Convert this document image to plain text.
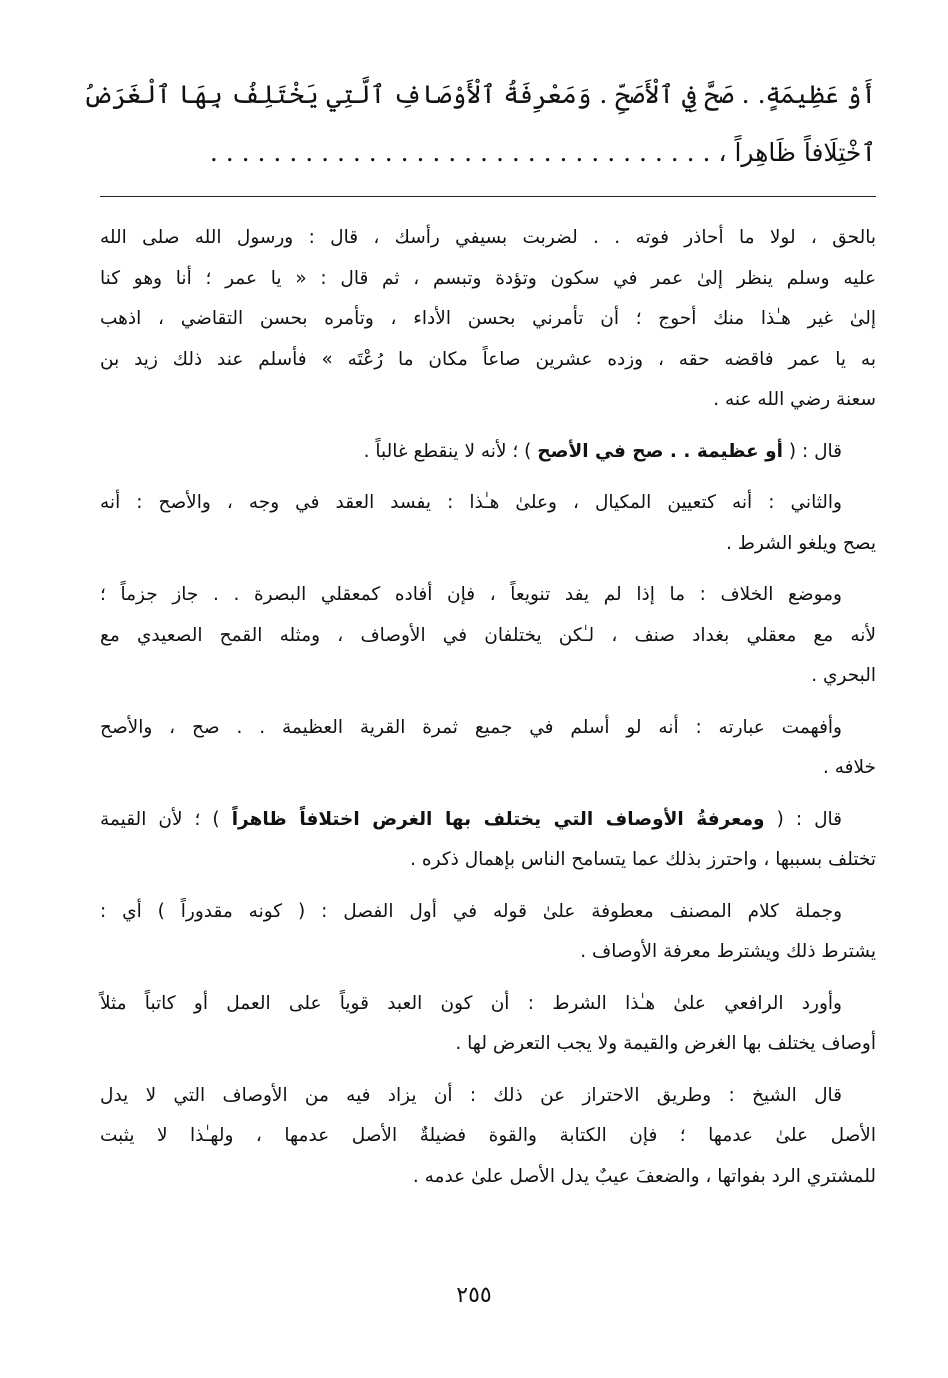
أَوْ عَظِيمَةٍ. . صَحَّ فِي ٱلْأَصَحِّ . وَمَعْرِفَةُ ٱلْأَوْصَافِ ٱلَّتِي يَخْتَلِفُ بِهَا ٱلْغَرَضُ
ٱخْتِلَافاً ظَاهِراً ، . . . . . . . . . . . . . . . . . . . . . . . . . . . . . . . .
بالحق ، لولا ما أحاذر فوته . . لضربت بسيفي رأسك ، قال : ورسول الله صلى الله
عليه وسلم ينظر إلىٰ عمر في سكون وتؤدة وتبسم ، ثم قال : « يا عمر ؛ أنا وهو كنا
إلىٰ غير هـٰذا منك أحوج ؛ أن تأمرني بحسن الأداء ، وتأمره بحسن التقاضي ، اذهب
به يا عمر فاقضه حقه ، وزده عشرين صاعاً مكان ما رُعْتَه » فأسلم عند ذلك زيد بن
سعنة رضي الله عنه .
قال : ( أو عظيمة . . صح في الأصح ) ؛ لأنه لا ينقطع غالباً .
والثاني : أنه كتعيين المكيال ، وعلىٰ هـٰذا : يفسد العقد في وجه ، والأصح : أنه
يصح ويلغو الشرط .
وموضع الخلاف : ما إذا لم يفد تنويعاً ، فإن أفاده كمعقلي البصرة . . جاز جزماً ؛
لأنه مع معقلي بغداد صنف ، لـٰكن يختلفان في الأوصاف ، ومثله القمح الصعيدي مع
البحري .
وأفهمت عبارته : أنه لو أسلم في جميع ثمرة القرية العظيمة . . صح ، والأصح
خلافه .
قال : ( ومعرفةُ الأوصاف التي يختلف بها الغرض اختلافاً ظاهراً ) ؛ لأن القيمة
تختلف بسببها ، واحترز بذلك عما يتسامح الناس بإهمال ذكره .
وجملة كلام المصنف معطوفة علىٰ قوله في أول الفصل : ( كونه مقدوراً ) أي :
يشترط ذلك ويشترط معرفة الأوصاف .
وأورد الرافعي علىٰ هـٰذا الشرط : أن كون العبد قوياً على العمل أو كاتباً مثلاً
أوصاف يختلف بها الغرض والقيمة ولا يجب التعرض لها .
قال الشيخ : وطريق الاحتراز عن ذلك : أن يزاد فيه من الأوصاف التي لا يدل
الأصل علىٰ عدمها ؛ فإن الكتابة والقوة فضيلةٌ الأصل عدمها ، ولهـٰذا لا يثبت
للمشتري الرد بفواتها ، والضعفَ عيبٌ يدل الأصل علىٰ عدمه .
٢٥٥
